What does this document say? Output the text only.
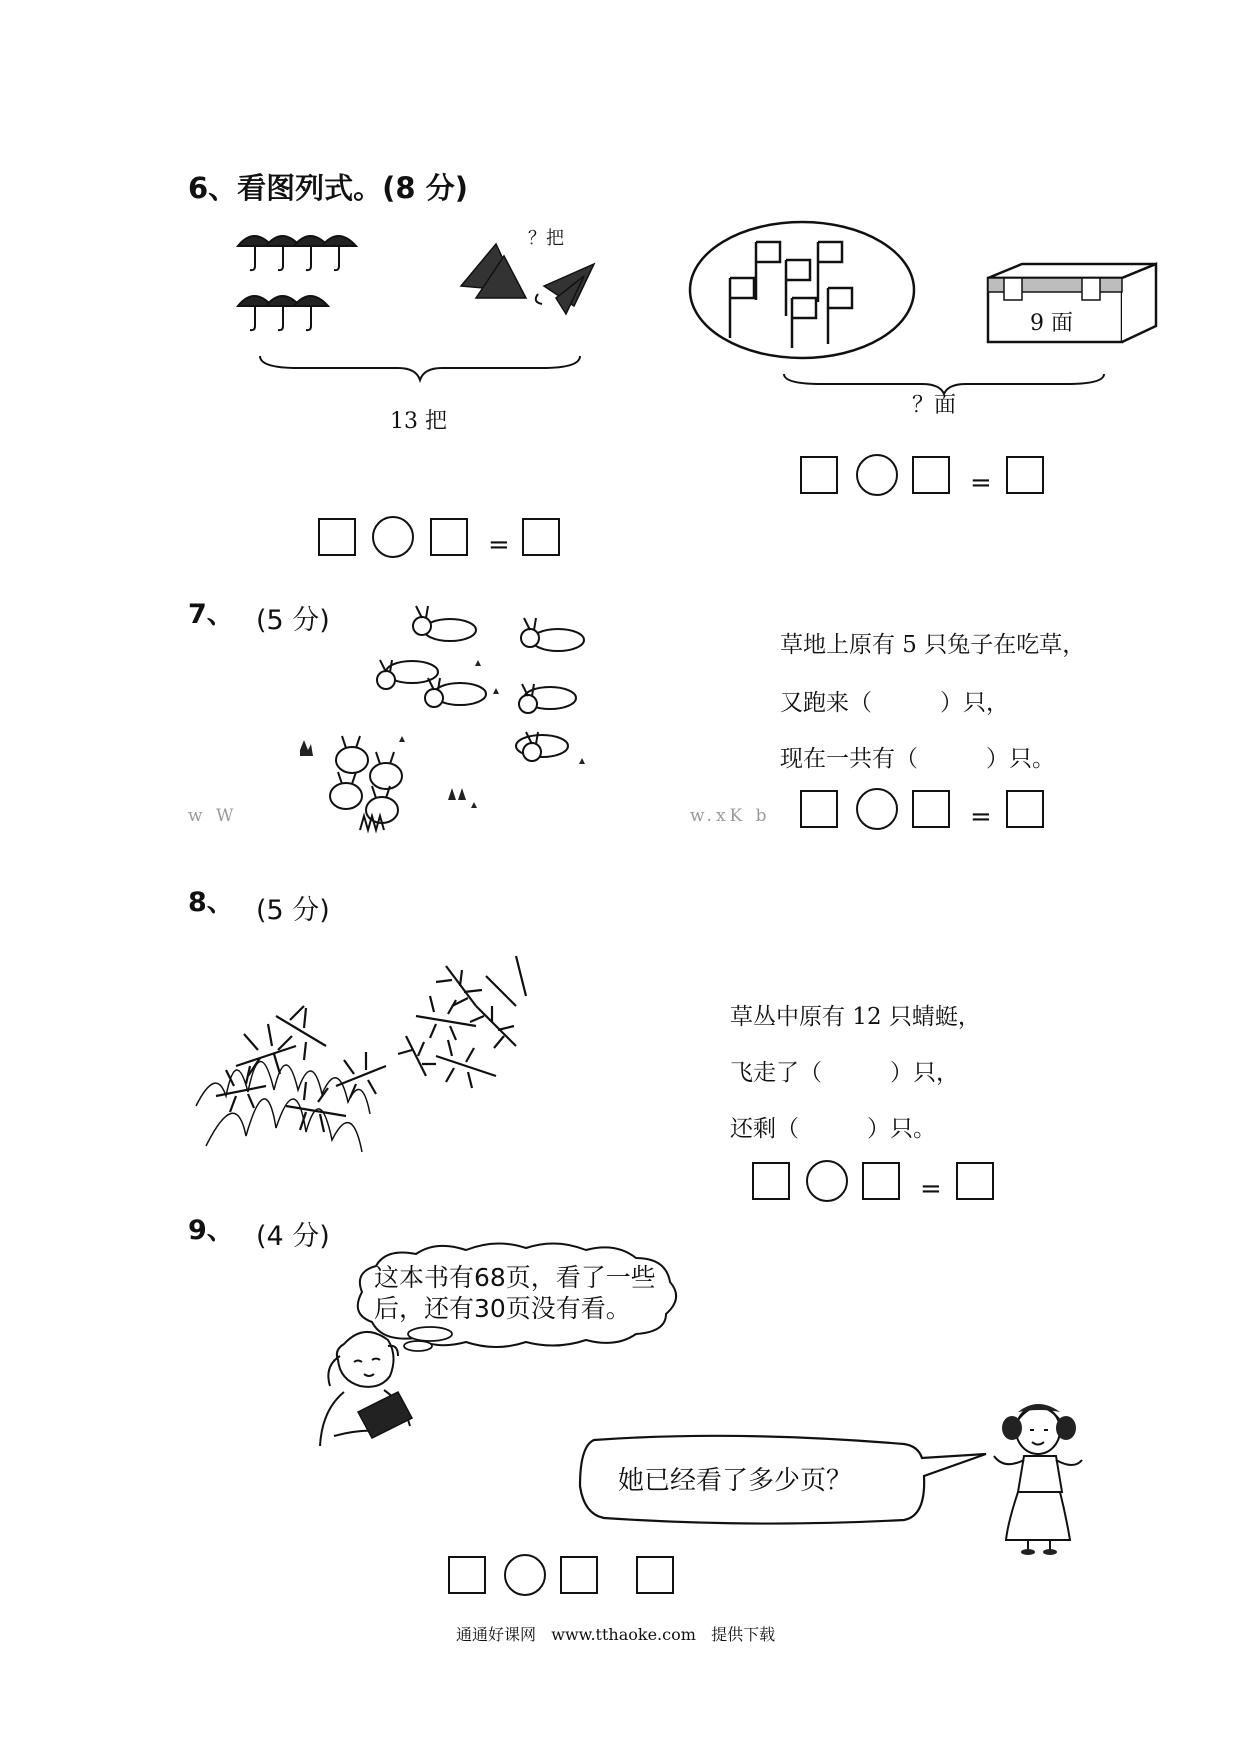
6、看图列式。(8 分)
？把
13 把
9 面
？面
=
=
7、 (5 分)
w W	w.xK b
草地上原有 5 只兔子在吃草，
又跑来（	）只，
现在一共有（	）只。
=
8、 (5 分)
草丛中原有 12 只蜻蜓，
飞走了（	）只，
还剩（	）只。
=
9、 (4 分)
这本书有68页，看了一些
后，还有30页没有看。
她已经看了多少页？
通通好课网 www.tthaoke.com 提供下载
